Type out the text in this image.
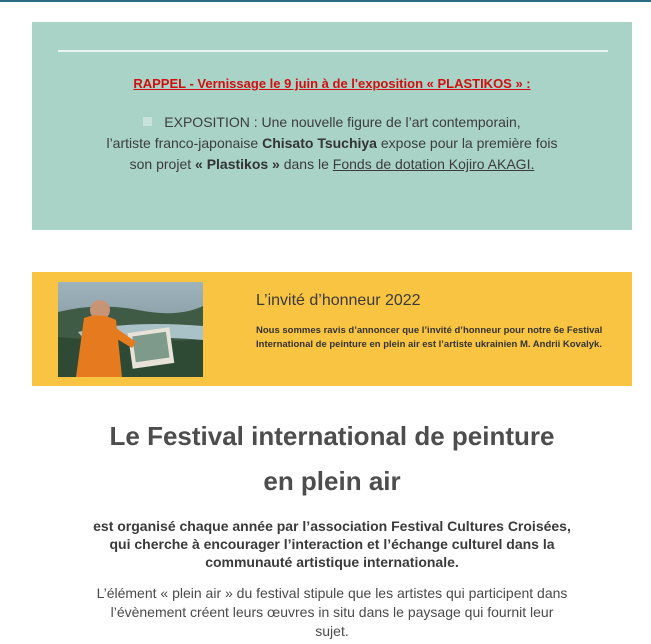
RAPPEL - Vernissage le 9 juin à de l'exposition « PLASTIKOS » :
EXPOSITION : Une nouvelle figure de l’art contemporain,
l’artiste franco-japonaise Chisato Tsuchiya expose pour la première fois
son projet « Plastikos » dans le Fonds de dotation Kojiro AKAGI.
L’invité d’honneur 2022
Nous sommes ravis d’annoncer que l’invité d’honneur pour notre 6e Festival International de peinture en plein air est l’artiste ukrainien M. Andrii Kovalyk.
Le Festival international de peinture
en plein air
est organisé chaque année par l’association Festival Cultures Croisées,
qui cherche à encourager l’interaction et l’échange culturel dans la
communauté artistique internationale.
L’élément « plein air » du festival stipule que les artistes qui participent dans
l’évènement créent leurs œuvres in situ dans le paysage qui fournit leur
sujet.
